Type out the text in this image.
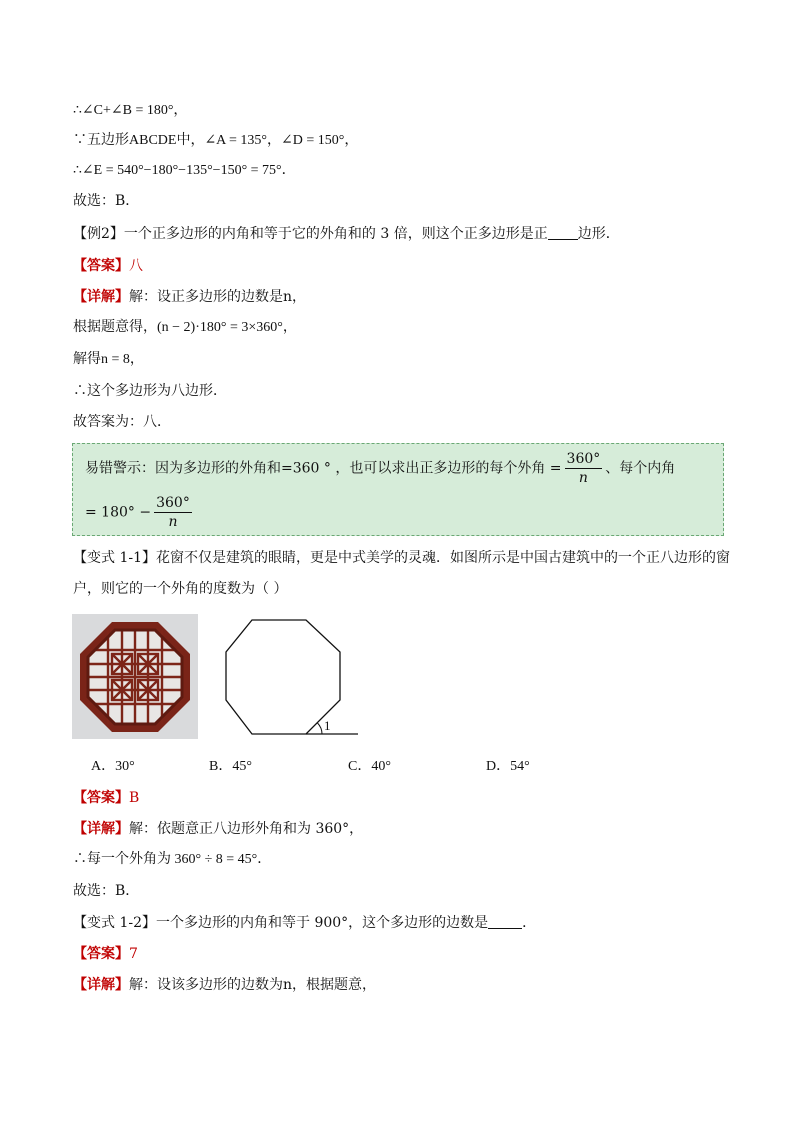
∴∠C+∠B = 180°，
∵五边形ABCDE中，∠A = 135°，∠D = 150°，
∴∠E = 540°−180°−135°−150° = 75°．
故选：B．
【例2】一个正多边形的内角和等于它的外角和的 3 倍，则这个正多边形是正 边形．
【答案】八
【详解】解：设正多边形的边数是n，
根据题意得，(n − 2)·180° = 3×360°，
解得n = 8，
∴这个多边形为八边形．
故答案为：八．
易错警示：因为多边形的外角和=360 ° ，也可以求出正多边形的每个外角 = $\frac{360^\circ}{n}$ 、每个内角
= $180^\circ - \frac{360^\circ}{n}$
【变式 1-1】花窗不仅是建筑的眼睛，更是中式美学的灵魂．如图所示是中国古建筑中的一个正八边形的窗
户，则它的一个外角的度数为（ ）
1
A．30°	B．45°	C．40°	D．54°
【答案】B
【详解】解：依题意正八边形外角和为 360°，
∴每一个外角为 360° ÷ 8 = 45°．
故选：B．
【变式 1-2】一个多边形的内角和等于 900°，这个多边形的边数是 ．
【答案】7
【详解】解：设该多边形的边数为n，根据题意，
